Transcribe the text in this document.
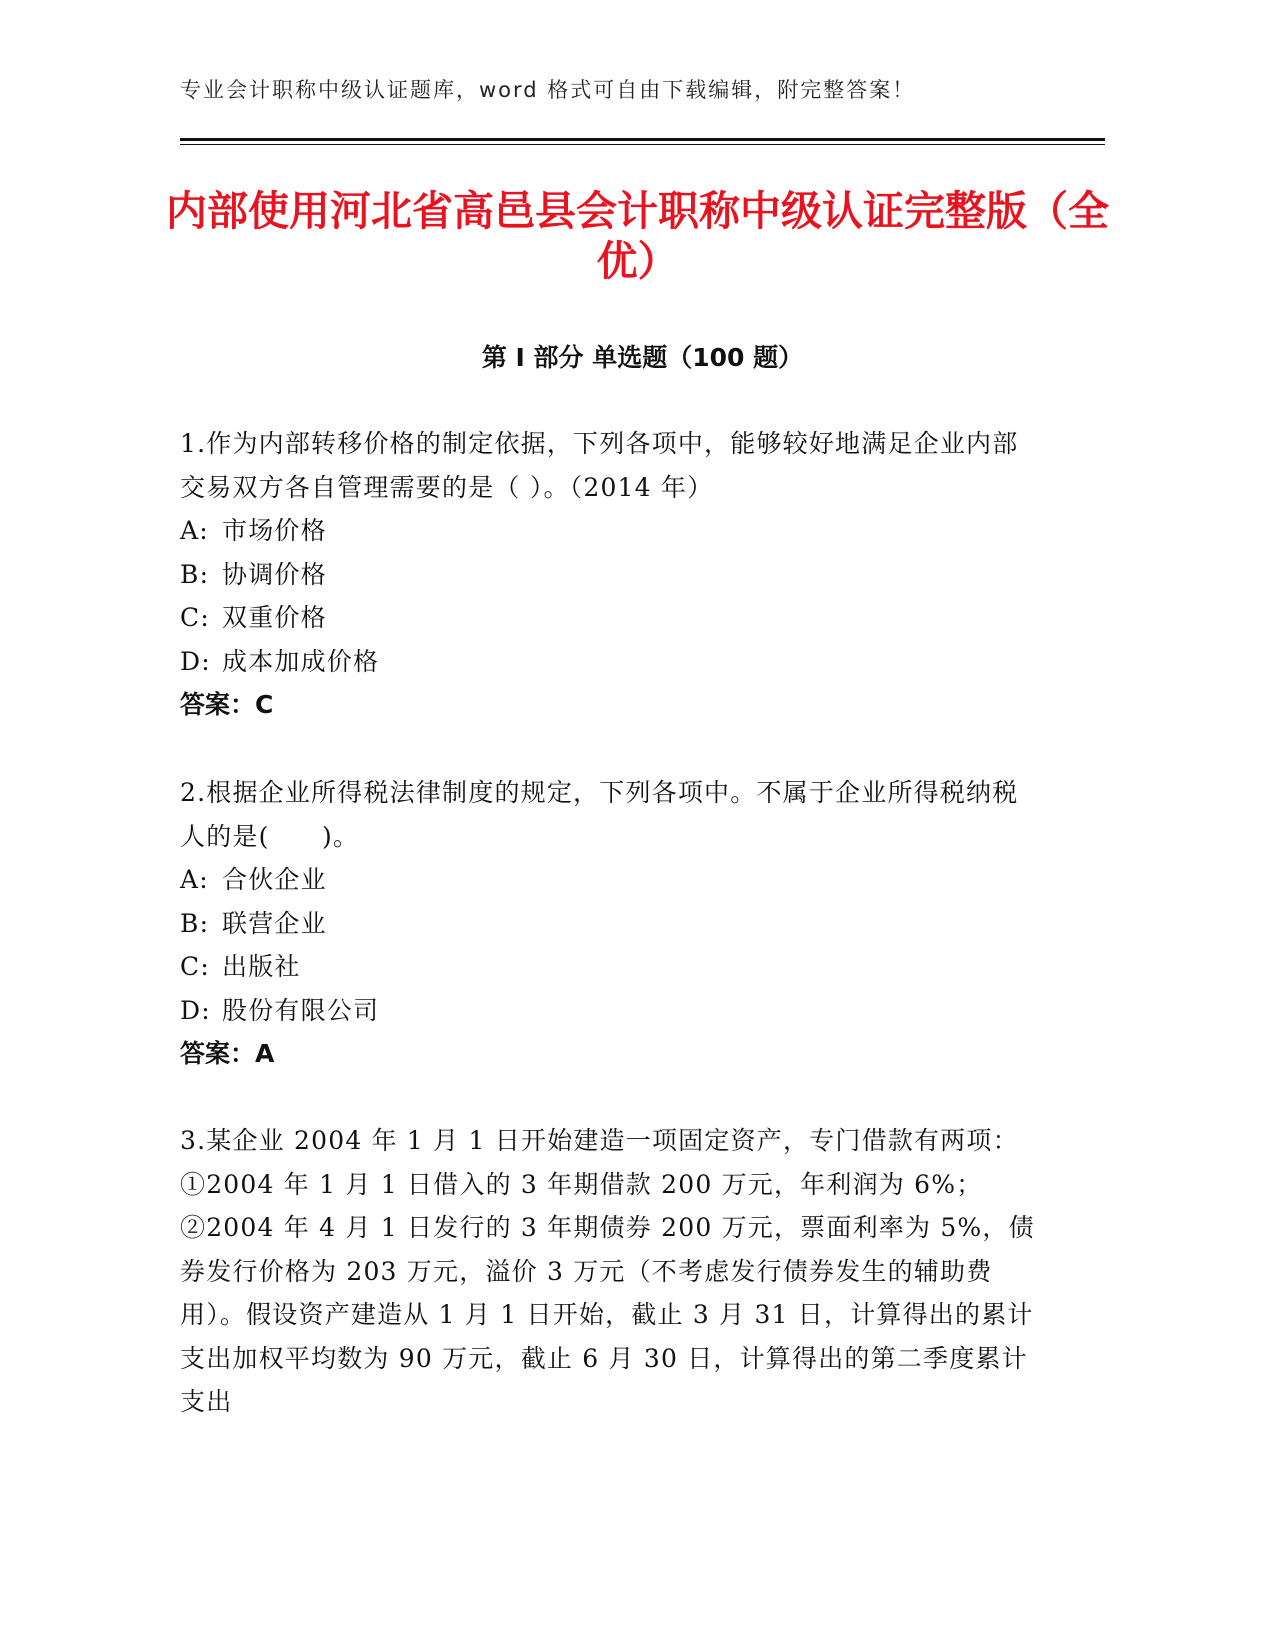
专业会计职称中级认证题库，word 格式可自由下载编辑，附完整答案！

内部使用河北省高邑县会计职称中级认证完整版（全优）
第 I 部分 单选题（100 题）

1.作为内部转移价格的制定依据，下列各项中，能够较好地满足企业内部交易双方各自管理需要的是（ ）。（2014 年）

A: 市场价格

B: 协调价格

C: 双重价格

D: 成本加成价格

答案：C

2.根据企业所得税法律制度的规定，下列各项中。不属于企业所得税纳税人的是(　　)。

A: 合伙企业

B: 联营企业

C: 出版社

D: 股份有限公司

答案：A

3.某企业 2004 年 1 月 1 日开始建造一项固定资产，专门借款有两项：①2004 年 1 月 1 日借入的 3 年期借款 200 万元，年利润为 6%；②2004 年 4 月 1 日发行的 3 年期债券 200 万元，票面利率为 5%，债券发行价格为 203 万元，溢价 3 万元（不考虑发行债券发生的辅助费用）。假设资产建造从 1 月 1 日开始，截止 3 月 31 日，计算得出的累计支出加权平均数为 90 万元，截止 6 月 30 日，计算得出的第二季度累计支出
